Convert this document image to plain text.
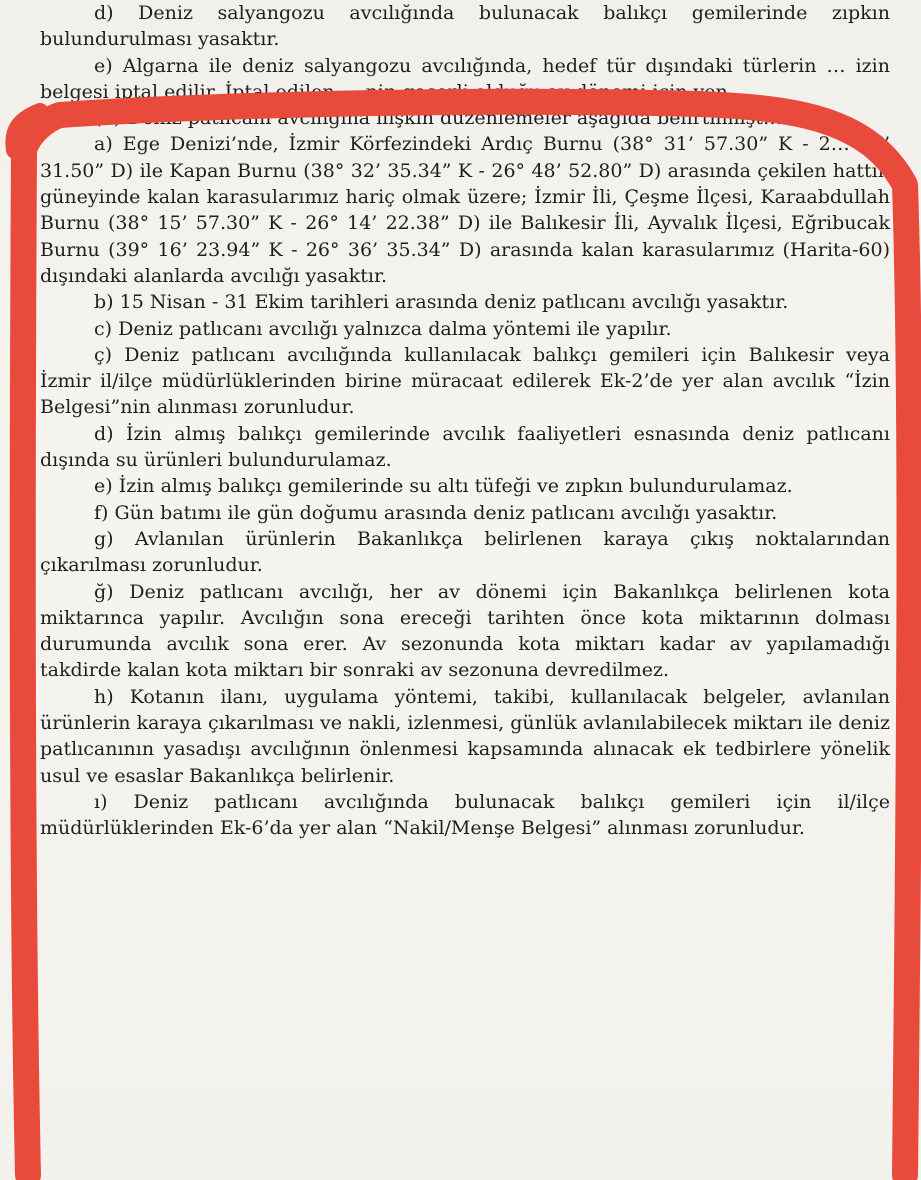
d) Deniz salyangozu avcılığında bulunacak balıkçı gemilerinde zıpkın bulundurulması yasaktır.

e) Algarna ile deniz salyangozu avcılığında, hedef tür dışındaki türlerin … izin belgesi iptal edilir. İptal edilen … nin geçerli olduğu av dönemi için yen…

(2) Deniz patlıcanı avcılığına ilişkin düzenlemeler aşağıda belirtilmişt…

a) Ege Denizi’nde, İzmir Körfezindeki Ardıç Burnu (38° 31’ 57.30” K - 2… 37’ 31.50” D) ile Kapan Burnu (38° 32’ 35.34” K - 26° 48’ 52.80” D) arasında çekilen hattın güneyinde kalan karasularımız hariç olmak üzere; İzmir İli, Çeşme İlçesi, Karaabdullah Burnu (38° 15’ 57.30” K - 26° 14’ 22.38” D) ile Balıkesir İli, Ayvalık İlçesi, Eğribucak Burnu (39° 16’ 23.94” K - 26° 36’ 35.34” D) arasında kalan karasularımız (Harita-60) dışındaki alanlarda avcılığı yasaktır.

b) 15 Nisan - 31 Ekim tarihleri arasında deniz patlıcanı avcılığı yasaktır.

c) Deniz patlıcanı avcılığı yalnızca dalma yöntemi ile yapılır.

ç) Deniz patlıcanı avcılığında kullanılacak balıkçı gemileri için Balıkesir veya İzmir il/ilçe müdürlüklerinden birine müracaat edilerek Ek-2’de yer alan avcılık “İzin Belgesi”nin alınması zorunludur.

d) İzin almış balıkçı gemilerinde avcılık faaliyetleri esnasında deniz patlıcanı dışında su ürünleri bulundurulamaz.

e) İzin almış balıkçı gemilerinde su altı tüfeği ve zıpkın bulundurulamaz.

f) Gün batımı ile gün doğumu arasında deniz patlıcanı avcılığı yasaktır.

g) Avlanılan ürünlerin Bakanlıkça belirlenen karaya çıkış noktalarından çıkarılması zorunludur.

ğ) Deniz patlıcanı avcılığı, her av dönemi için Bakanlıkça belirlenen kota miktarınca yapılır. Avcılığın sona ereceği tarihten önce kota miktarının dolması durumunda avcılık sona erer. Av sezonunda kota miktarı kadar av yapılamadığı takdirde kalan kota miktarı bir sonraki av sezonuna devredilmez.

h) Kotanın ilanı, uygulama yöntemi, takibi, kullanılacak belgeler, avlanılan ürünlerin karaya çıkarılması ve nakli, izlenmesi, günlük avlanılabilecek miktarı ile deniz patlıcanının yasadışı avcılığının önlenmesi kapsamında alınacak ek tedbirlere yönelik usul ve esaslar Bakanlıkça belirlenir.

ı) Deniz patlıcanı avcılığında bulunacak balıkçı gemileri için il/ilçe müdürlüklerinden Ek-6’da yer alan “Nakil/Menşe Belgesi” alınması zorunludur.
